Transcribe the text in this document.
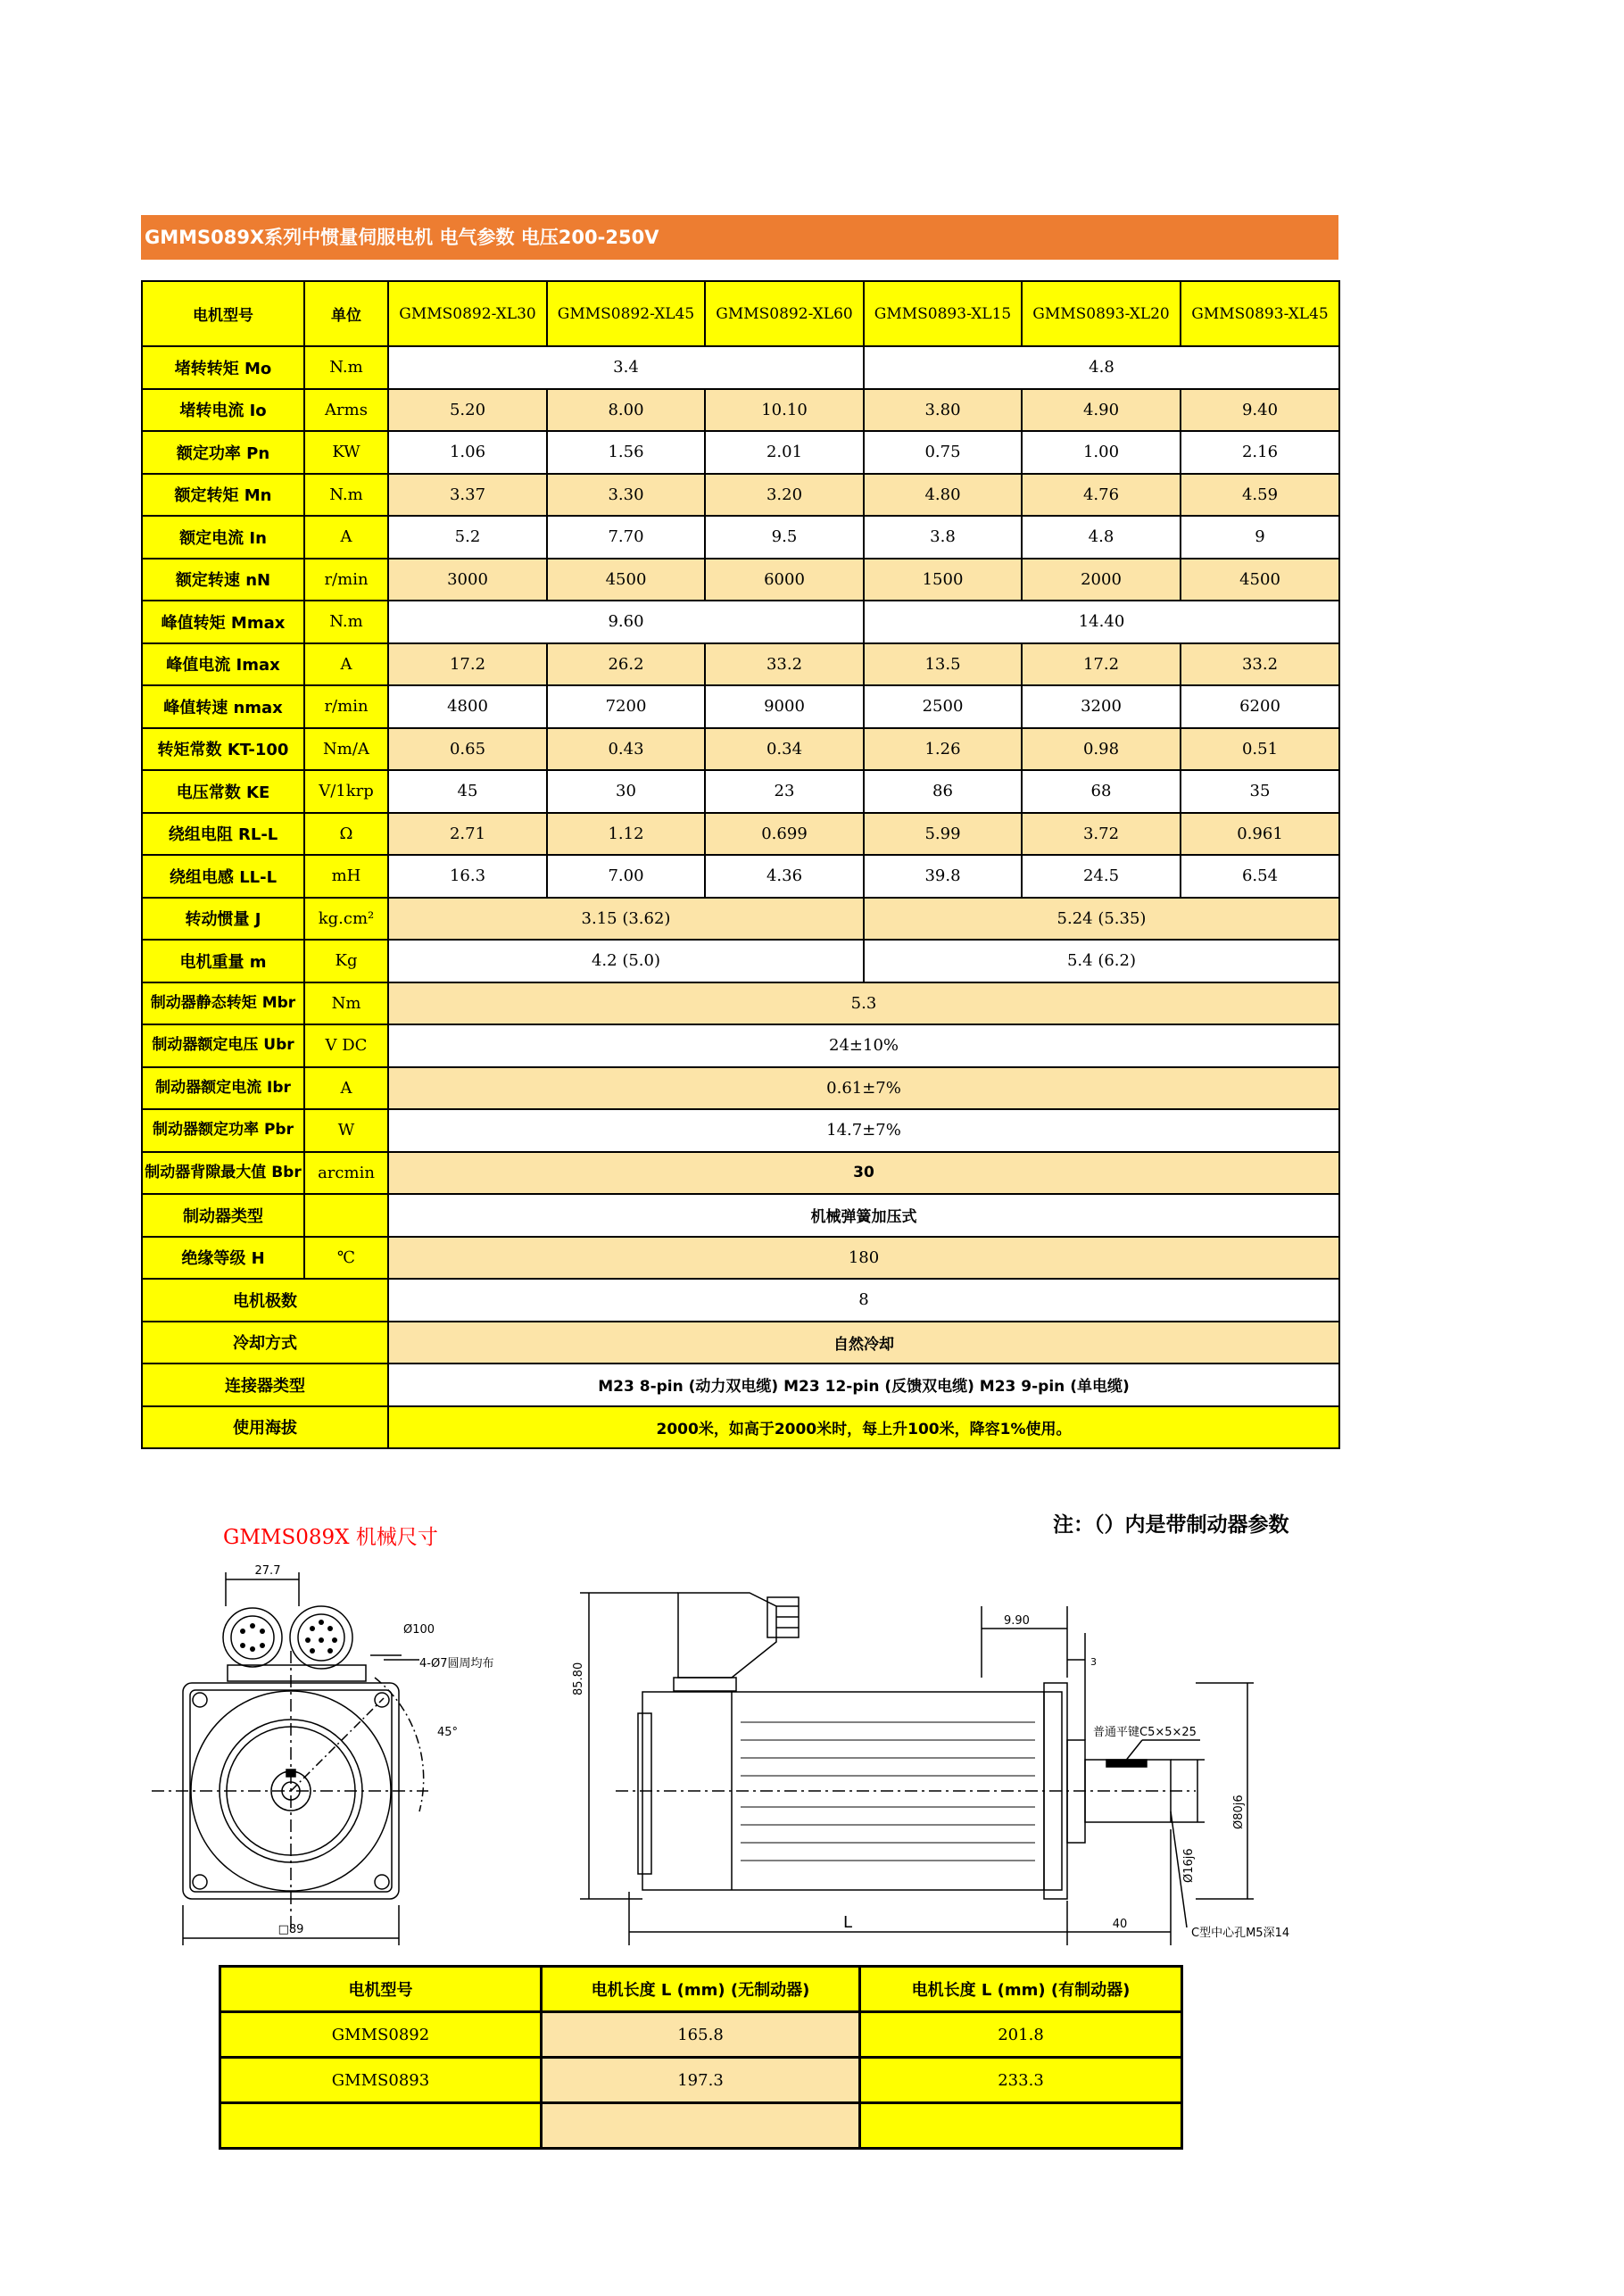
GMMS089X系列中惯量伺服电机 电气参数 电压200-250V
电机型号	单位	GMMS0892-XL30	GMMS0892-XL45	GMMS0892-XL60	GMMS0893-XL15	GMMS0893-XL20	GMMS0893-XL45
堵转转矩 Mo	N.m	3.4			4.8		
堵转电流 Io	Arms	5.20	8.00	10.10	3.80	4.90	9.40
额定功率 Pn	KW	1.06	1.56	2.01	0.75	1.00	2.16
额定转矩 Mn	N.m	3.37	3.30	3.20	4.80	4.76	4.59
额定电流 In	A	5.2	7.70	9.5	3.8	4.8	9
额定转速 nN	r/min	3000	4500	6000	1500	2000	4500
峰值转矩 Mmax	N.m	9.60			14.40		
峰值电流 Imax	A	17.2	26.2	33.2	13.5	17.2	33.2
峰值转速 nmax	r/min	4800	7200	9000	2500	3200	6200
转矩常数 KT-100	Nm/A	0.65	0.43	0.34	1.26	0.98	0.51
电压常数 KE	V/1krp	45	30	23	86	68	35
绕组电阻 RL-L	Ω	2.71	1.12	0.699	5.99	3.72	0.961
绕组电感 LL-L	mH	16.3	7.00	4.36	39.8	24.5	6.54
转动惯量 J	kg.cm²	3.15 (3.62)			5.24 (5.35)		
电机重量 m	Kg	4.2 (5.0)			5.4 (6.2)		
制动器静态转矩 Mbr	Nm	5.3					
制动器额定电压 Ubr	V DC	24±10%					
制动器额定电流 Ibr	A	0.61±7%					
制动器额定功率 Pbr	W	14.7±7%					
制动器背隙最大值 Bbr	arcmin	30					
制动器类型		机械弹簧加压式					
绝缘等级 H	℃	180					
电机极数		8					
冷却方式		自然冷却					
连接器类型		M23 8-pin (动力双电缆) M23 12-pin (反馈双电缆) M23 9-pin (单电缆)					
使用海拔		2000米，如高于2000米时，每上升100米，降容1%使用。					
注：（）内是带制动器参数
GMMS089X 机械尺寸
27.7
Ø100
4-Ø7圆周均布
45°
□89
85.80
9.90
3
普通平键C5×5×25
Ø80j6
Ø16j6
L	40
C型中心孔M5深14
电机型号	电机长度 L (mm) (无制动器)	电机长度 L (mm) (有制动器)
GMMS0892	165.8	201.8
GMMS0893	197.3	233.3
